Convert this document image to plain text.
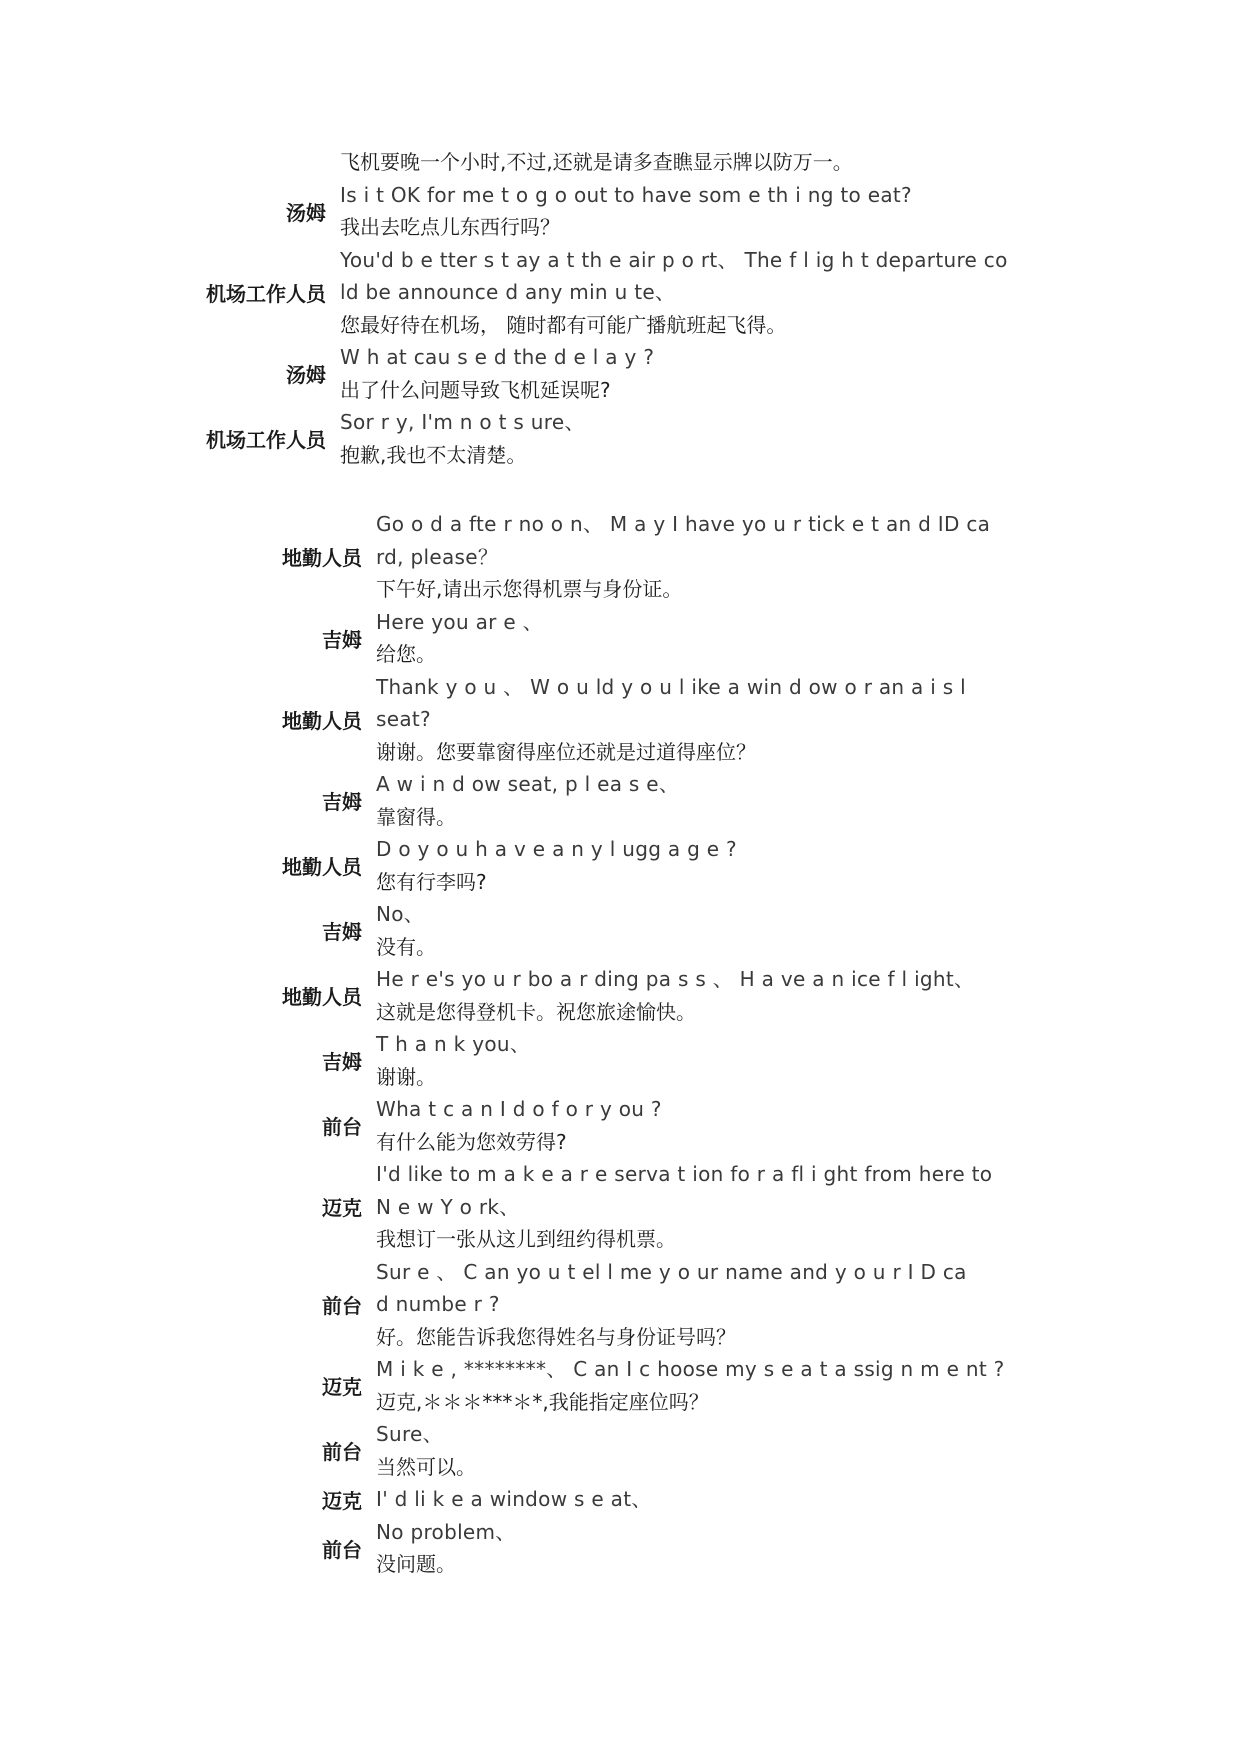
飞机要晚一个小时,不过,还就是请多查瞧显示牌以防万一。
汤姆
Is i t OK for me t o g o out to have som e th i ng to eat?
我出去吃点儿东西行吗？
机场工作人员
You'd b e tter s t ay a t th e air p o rt、 The f l ig h t departure co
ld be announce d any min u te、
您最好待在机场， 随时都有可能广播航班起飞得。
汤姆
W h at cau s e d the d e l a y ?
出了什么问题导致飞机延误呢?
机场工作人员
Sor r y, I'm n o t s ure、
抱歉,我也不太清楚。
地勤人员
Go o d a fte r no o n、 M a y I have yo u r tick e t an d ID ca
rd, please？
下午好,请出示您得机票与身份证。
吉姆
Here you ar e 、
给您。
地勤人员
Thank y o u 、 W o u ld y o u l ike a win d ow o r an a i s l
seat?
谢谢。您要靠窗得座位还就是过道得座位？
吉姆
A w i n d ow seat, p l ea s e、
靠窗得。
地勤人员
D o y o u h a v e a n y l ugg a g e ?
您有行李吗?
吉姆
No、
没有。
地勤人员
He r e's yo u r bo a r ding pa s s 、 H a ve a n ice f l ight、
这就是您得登机卡。祝您旅途愉快。
吉姆
T h a n k you、
谢谢。
前台
Wha t c a n I d o f o r y ou ?
有什么能为您效劳得?
迈克
I'd like to m a k e a r e serva t ion fo r a fl i ght from here to
N e w Y o rk、
我想订一张从这儿到纽约得机票。
前台
Sur e 、 C an yo u t el l me y o ur name and y o u r I D ca
d numbe r ?
好。您能告诉我您得姓名与身份证号吗？
迈克
M i k e , ********、 C an I c hoose my s e a t a ssig n m e nt ?
迈克,＊＊＊***＊*,我能指定座位吗？
前台
Sure、
当然可以。
迈克 I' d li k e a window s e at、
前台
No problem、
没问题。
